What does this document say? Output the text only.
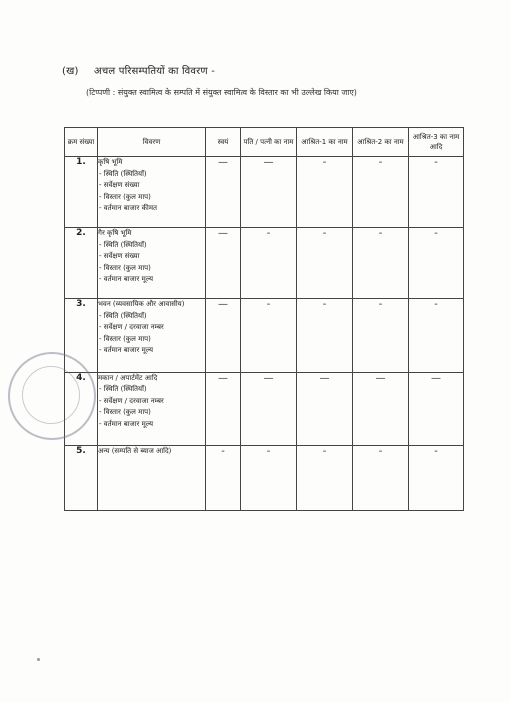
(ख) अचल परिसम्पतियों का विवरण -
(टिप्पणी : संयुक्त स्वामित्व के सम्पति में संयुक्त स्वामित्व के विस्तार का भी उल्लेख किया जाए)
क्रम संख्या	विवरण	स्वयं	पति / पत्नी का नाम	आश्रित-1 का नाम	आश्रित-2 का नाम	आश्रित-3 का नाम आदि
1.	कृषि भूमि
- स्थिति (स्थितियाँ)
- सर्वेक्षण संख्या
- विस्तार (कुल माप)
- वर्तमान बाजार कीमत	—	—	-	-	-
2.	गैर कृषि भूमि
- स्थिति (स्थितियाँ)
- सर्वेक्षण संख्या
- विस्तार (कुल माप)
- वर्तमान बाजार मूल्य	—	-	-	-	-
3.	भवन (व्यवसायिक और आवासीय)
- स्थिति (स्थितियाँ)
- सर्वेक्षण / दरवाजा नम्बर
- विस्तार (कुल माप)
- वर्तमान बाजार मूल्य	—	-	-	-	-
4.	मकान / अपार्टमेंट आदि
- स्थिति (स्थितियाँ)
- सर्वेक्षण / दरवाजा नम्बर
- विस्तार (कुल माप)
- वर्तमान बाजार मूल्य	—	—	—	—	—
5.	अन्य (सम्पति से ब्याज आदि)	-	-	-	-	-
